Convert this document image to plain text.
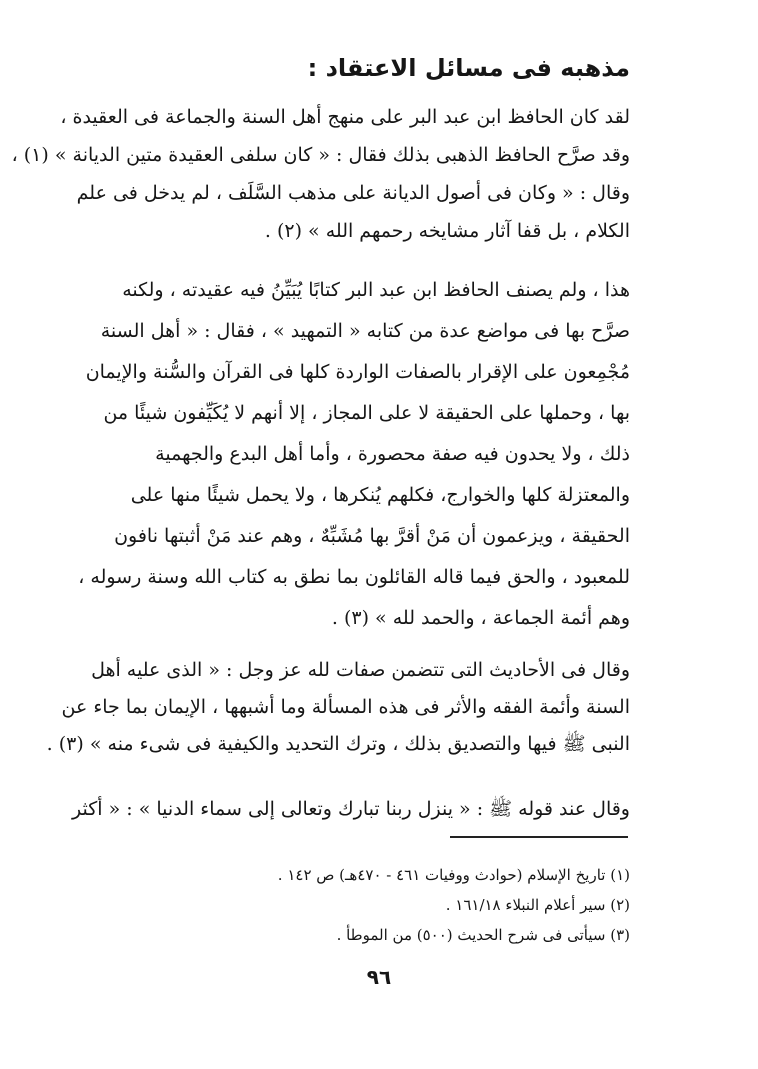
مذهبه فى مسائل الاعتقاد :
لقد كان الحافظ ابن عبد البر على منهج أهل السنة والجماعة فى العقيدة ،
وقد صرَّح الحافظ الذهبى بذلك فقال : « كان سلفى العقيدة متين الديانة » (١) ،
وقال : « وكان فى أصول الديانة على مذهب السَّلَف ، لم يدخل فى علم
الكلام ، بل قفا آثار مشايخه رحمهم الله » (٢) .
هذا ، ولم يصنف الحافظ ابن عبد البر كتابًا يُبَيِّنُ فيه عقيدته ، ولكنه
صرَّح بها فى مواضع عدة من كتابه « التمهيد » ، فقال : « أهل السنة
مُجْمِعون على الإقرار بالصفات الواردة كلها فى القرآن والسُّنة والإيمان
بها ، وحملها على الحقيقة لا على المجاز ، إلا أنهم لا يُكَيِّفون شيئًا من
ذلك ، ولا يحدون فيه صفة محصورة ، وأما أهل البدع والجهمية
والمعتزلة كلها والخوارج، فكلهم يُنكرها ، ولا يحمل شيئًا منها على
الحقيقة ، ويزعمون أن مَنْ أقرَّ بها مُشَبِّهٌ ، وهم عند مَنْ أثبتها نافون
للمعبود ، والحق فيما قاله القائلون بما نطق به كتاب الله وسنة رسوله ،
وهم أئمة الجماعة ، والحمد لله » (٣) .
وقال فى الأحاديث التى تتضمن صفات لله عز وجل : « الذى عليه أهل
السنة وأئمة الفقه والأثر فى هذه المسألة وما أشبهها ، الإيمان بما جاء عن
النبى ﷺ فيها والتصديق بذلك ، وترك التحديد والكيفية فى شىء منه » (٣) .
وقال عند قوله ﷺ : « ينزل ربنا تبارك وتعالى إلى سماء الدنيا » : « أكثر
(١) تاريخ الإسلام (حوادث ووفيات ٤٦١ - ٤٧٠هـ) ص ١٤٢ .
(٢) سير أعلام النبلاء ١٦١/١٨ .
(٣) سيأتى فى شرح الحديث (٥٠٠) من الموطأ .
٩٦
